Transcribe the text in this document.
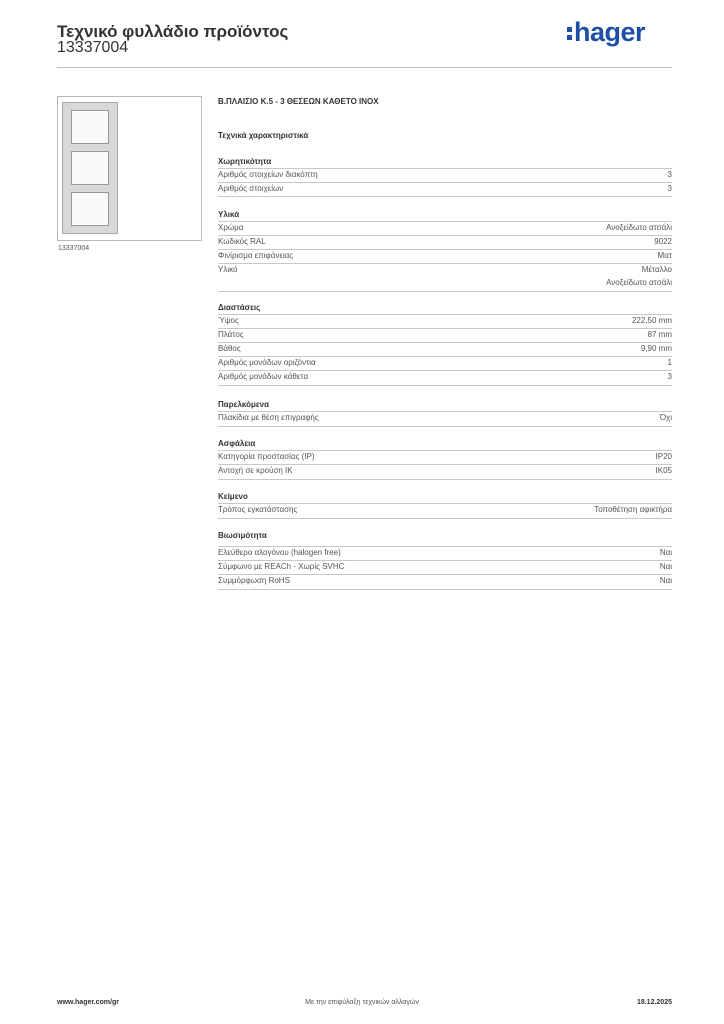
Τεχνικό φυλλάδιο προϊόντος
13337004
hager
13337004
Β.ΠΛΑΙΣΙΟ Κ.5 - 3 ΘΕΣΕΩΝ ΚΑΘΕΤΟ INOX
Τεχνικά χαρακτηριστικά
Χωρητικότητα
Αριθμός στοιχείων διακόπτη	3
Αριθμός στοιχείων	3
Υλικά
Χρώμα	Ανοξείδωτο ατσάλι
Κωδικός RAL	9022
Φινίρισμα επιφάνειας	Ματ
Υλικό	Μέταλλο
Ανοξείδωτο ατσάλι
Διαστάσεις
Ύψος	222,50 mm
Πλάτος	87 mm
Βάθος	9,90 mm
Αριθμός μονάδων οριζόντια	1
Αριθμός μονάδων κάθετα	3
Παρελκόμενα
Πλακίδια με θέση επιγραφής	Όχι
Ασφάλεια
Κατηγορία προστασίας (IP)	IP20
Αντοχή σε κρούση IK	IK05
Κείμενο
Τρόπος εγκατάστασης	Τοποθέτηση αφικτήρα
Βιωσιμότητα
Ελεύθερο αλογόνου (halogen free)	Ναι
Σύμφωνο με REACh - Χωρίς SVHC	Ναι
Συμμόρφωση RoHS	Ναι
www.hager.com/gr	Με την επιφύλαξη τεχνικών αλλαγών	18.12.2025
